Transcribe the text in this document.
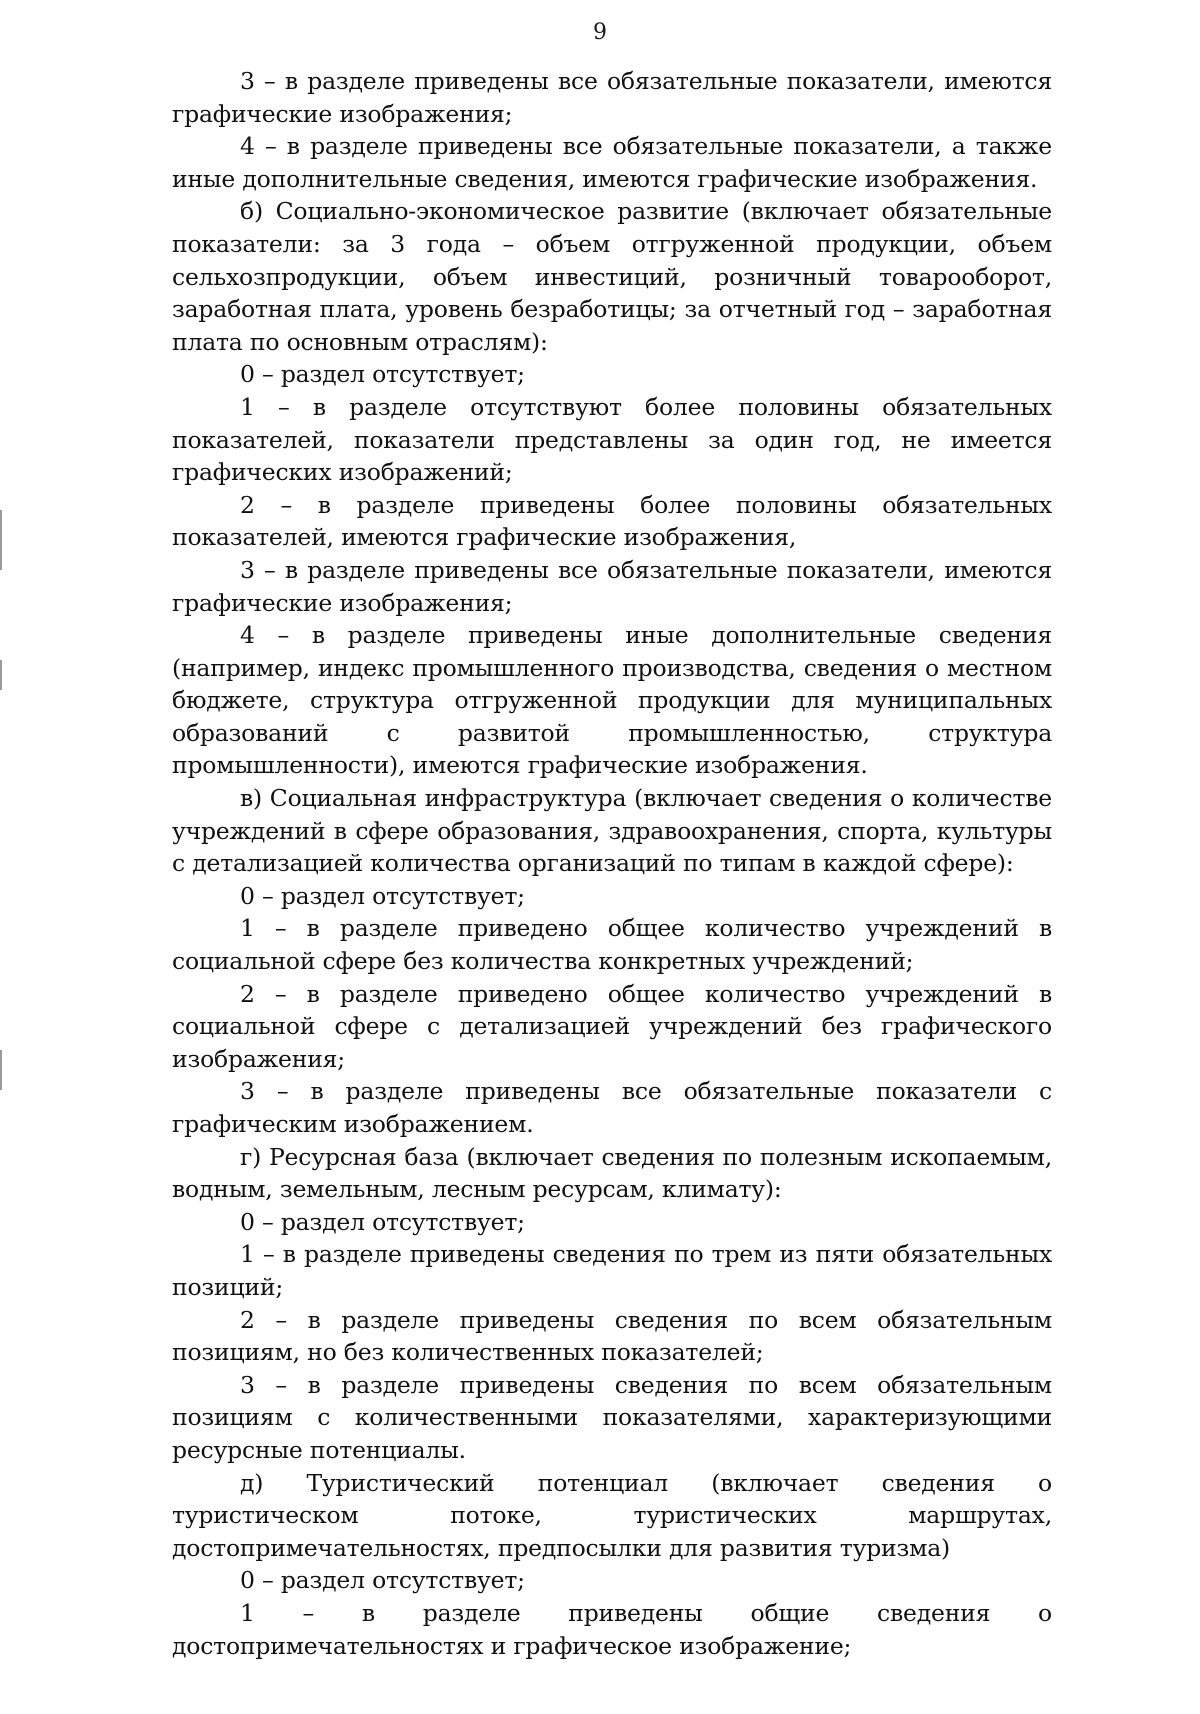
9

3 – в разделе приведены все обязательные показатели, имеются графические изображения;

4 – в разделе приведены все обязательные показатели, а также иные дополнительные сведения, имеются графические изображения.

б) Социально-экономическое развитие (включает обязательные показатели: за 3 года – объем отгруженной продукции, объем сельхозпродукции, объем инвестиций, розничный товарооборот, заработная плата, уровень безработицы; за отчетный год – заработная плата по основным отраслям):

0 – раздел отсутствует;

1 – в разделе отсутствуют более половины обязательных показателей, показатели представлены за один год, не имеется графических изображений;

2 – в разделе приведены более половины обязательных показателей, имеются графические изображения,

3 – в разделе приведены все обязательные показатели, имеются графические изображения;

4 – в разделе приведены иные дополнительные сведения (например, индекс промышленного производства, сведения о местном бюджете, структура отгруженной продукции для муниципальных образований с развитой промышленностью, структура промышленности), имеются графические изображения.

в) Социальная инфраструктура (включает сведения о количестве учреждений в сфере образования, здравоохранения, спорта, культуры с детализацией количества организаций по типам в каждой сфере):

0 – раздел отсутствует;

1 – в разделе приведено общее количество учреждений в социальной сфере без количества конкретных учреждений;

2 – в разделе приведено общее количество учреждений в социальной сфере с детализацией учреждений без графического изображения;

3 – в разделе приведены все обязательные показатели с графическим изображением.

г) Ресурсная база (включает сведения по полезным ископаемым, водным, земельным, лесным ресурсам, климату):

0 – раздел отсутствует;

1 – в разделе приведены сведения по трем из пяти обязательных позиций;

2 – в разделе приведены сведения по всем обязательным позициям, но без количественных показателей;

3 – в разделе приведены сведения по всем обязательным позициям с количественными показателями, характеризующими ресурсные потенциалы.

д) Туристический потенциал (включает сведения о туристическом потоке, туристических маршрутах, достопримечательностях, предпосылки для развития туризма)

0 – раздел отсутствует;

1 – в разделе приведены общие сведения о достопримечательностях и графическое изображение;
